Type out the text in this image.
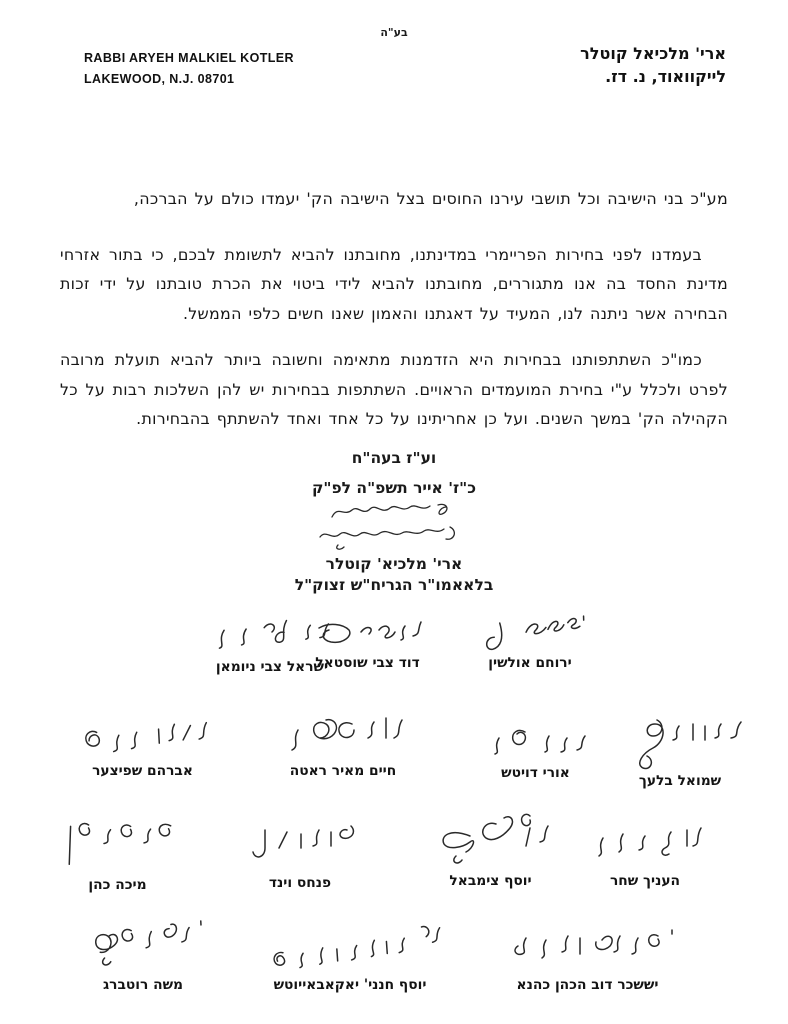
בע"ה
RABBI ARYEH MALKIEL KOTLER
LAKEWOOD, N.J. 08701
ארי' מלכיאל קוטלר
לייקוואוד, נ. דז.

מע"כ בני הישיבה וכל תושבי עירנו החוסים בצל הישיבה הק' יעמדו כולם על הברכה,

בעמדנו לפני בחירות הפריימרי במדינתנו, מחובתנו להביא לתשומת לבכם, כי בתור אזרחי מדינת החסד בה אנו מתגוררים, מחובתנו להביא לידי ביטוי את הכרת טובתנו על ידי זכות הבחירה אשר ניתנה לנו, המעיד על דאגתנו והאמון שאנו חשים כלפי הממשל.

כמו"כ השתתפותנו בבחירות היא הזדמנות מתאימה וחשובה ביותר להביא תועלת מרובה לפרט ולכלל ע"י בחירת המועמדים הראויים. השתתפות בבחירות יש להן השלכות רבות על כל הקהילה הק' במשך השנים. ועל כן אחריתינו על כל אחד ואחד להשתתף בהבחירות.

וע"ז בעה"ח

כ"ז' אייר תשפ"ה לפ"ק

ארי' מלכיא' קוטלר

בלאאמו"ר הגריח"ש זצוק"ל

ירוחם אולשין
דוד צבי שוסטאל
ישראל צבי ניומאן
שמואל בלעך
אורי דויטש
חיים מאיר ראטה
אברהם שפיצער
העניך שחר
יוסף צימבאל
פנחס וינד
מיכה כהן
יששכר דוב הכהן כהנא
יוסף חנני' יאקאבאייוטש
משה רוטברג
